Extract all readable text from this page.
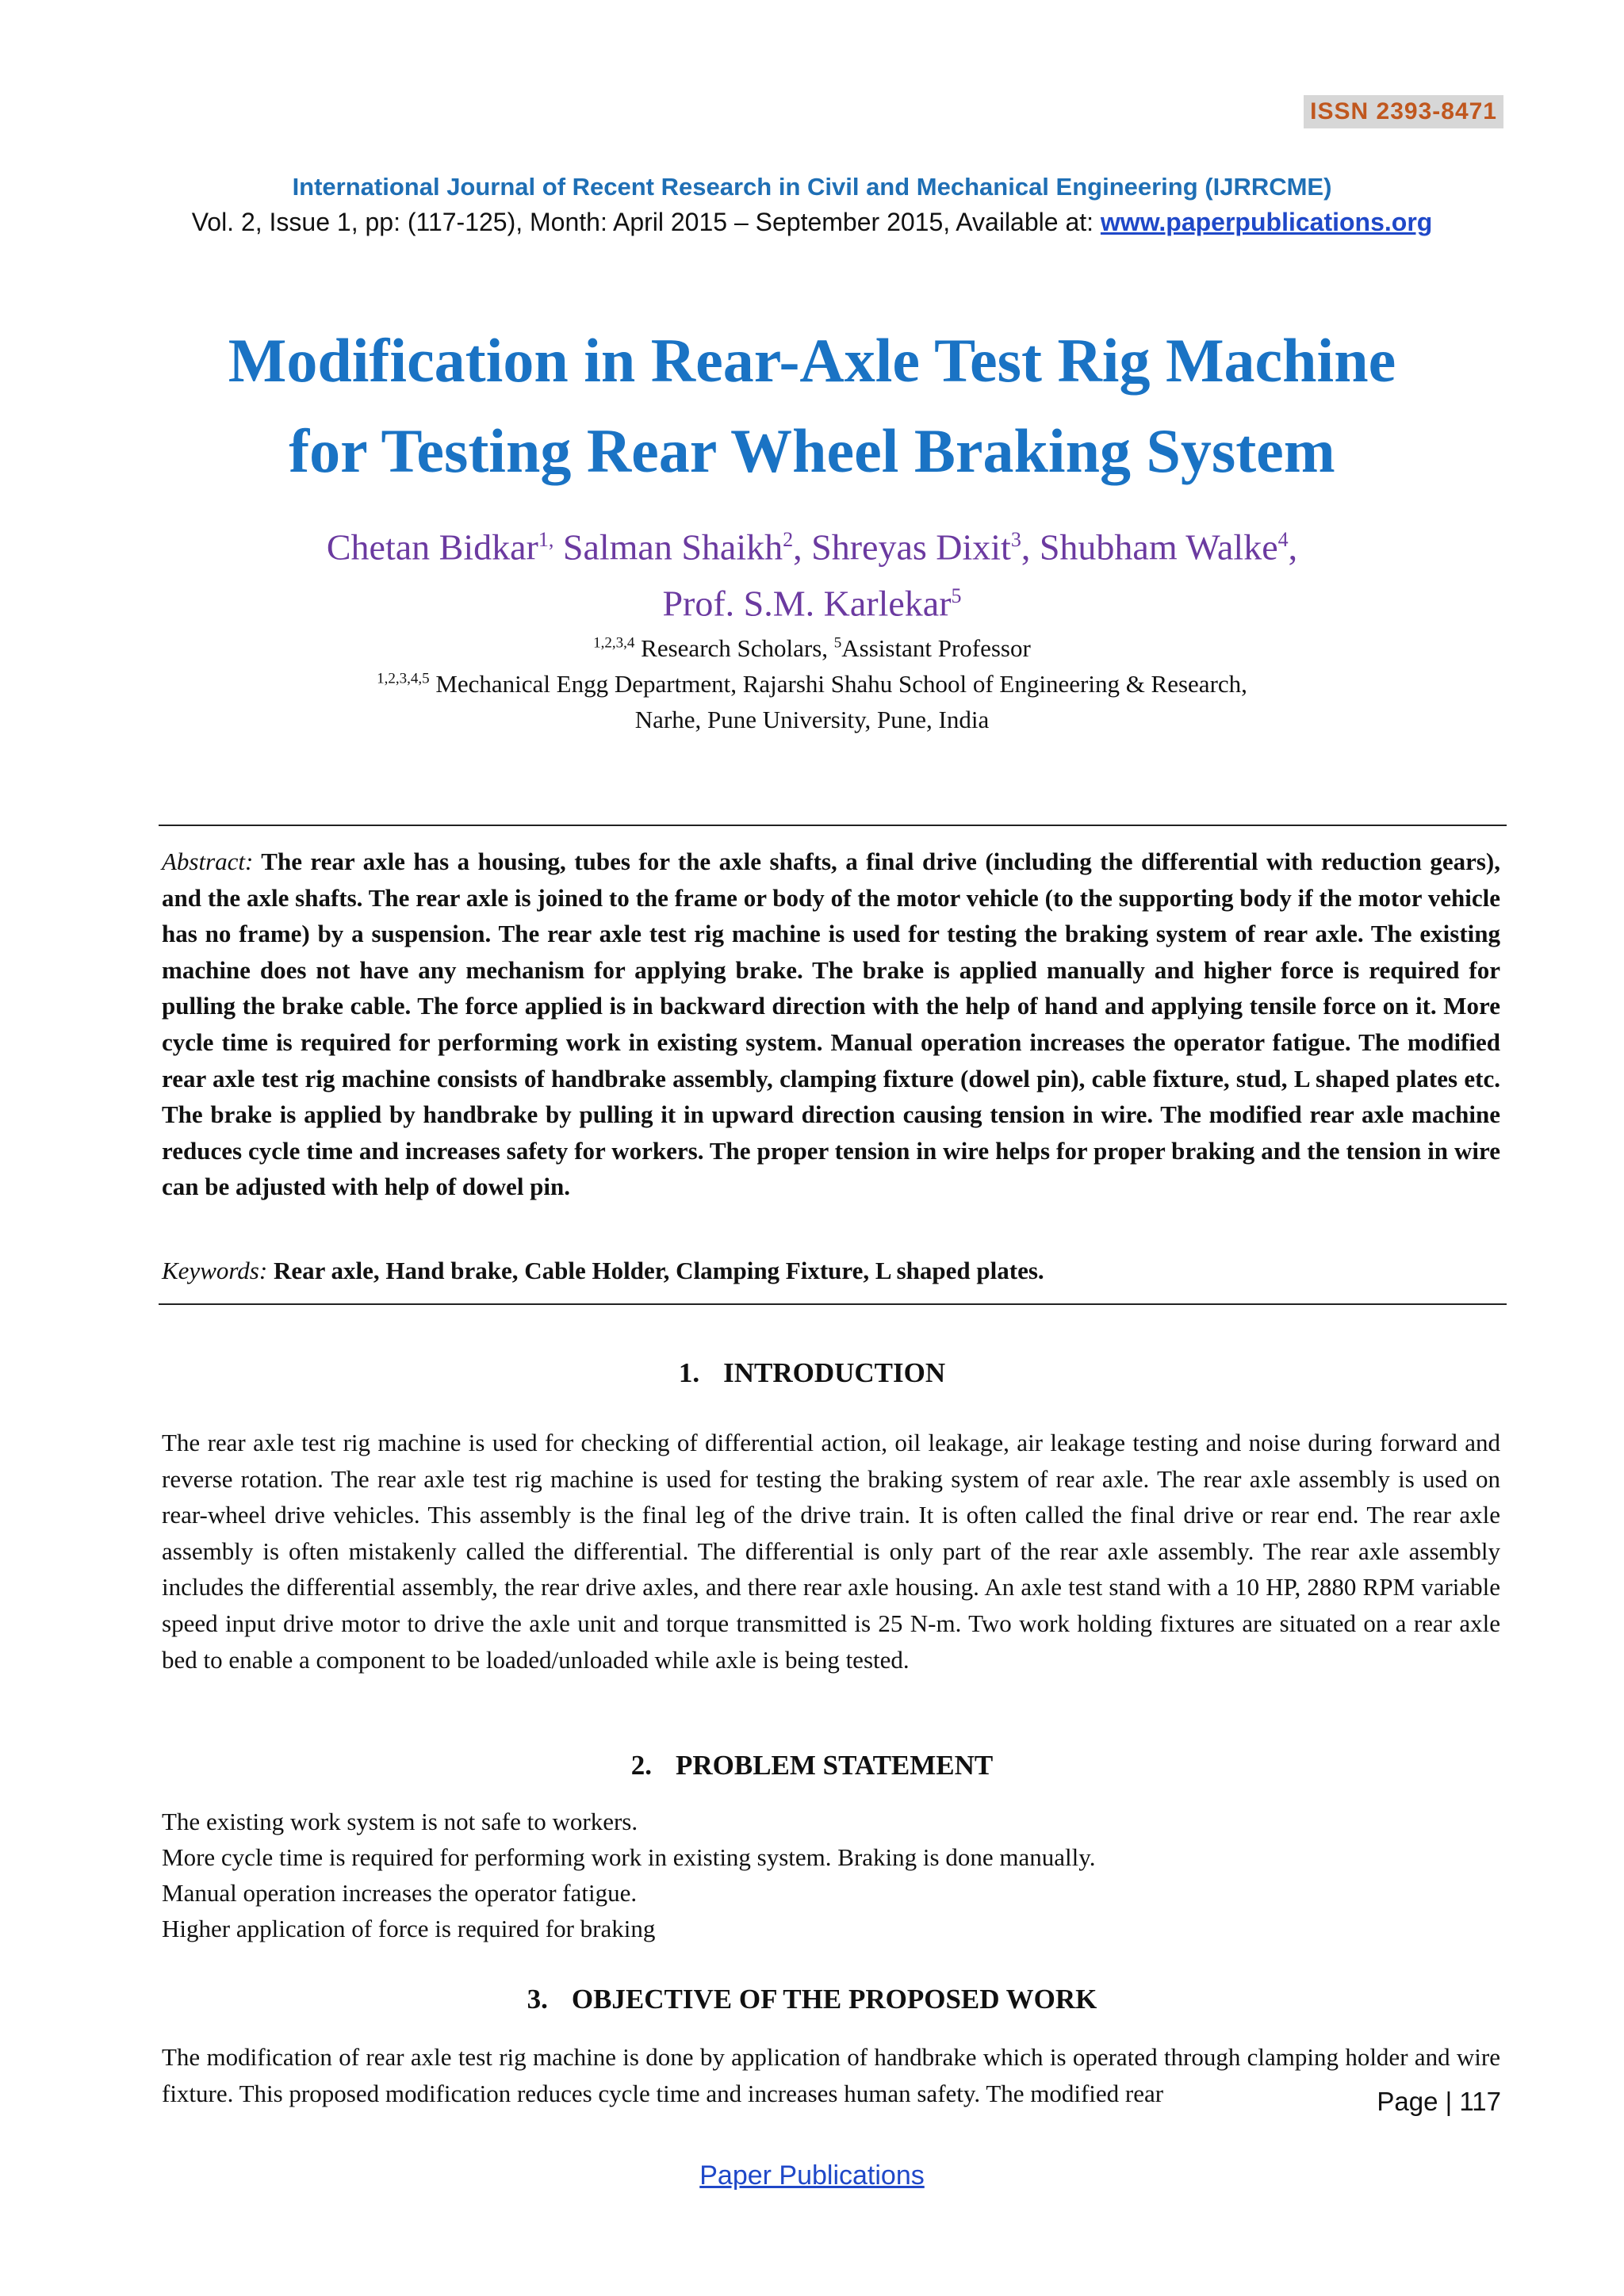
ISSN 2393-8471
International Journal of Recent Research in Civil and Mechanical Engineering (IJRRCME)
Vol. 2, Issue 1, pp: (117-125), Month: April 2015 – September 2015, Available at: www.paperpublications.org
Modification in Rear-Axle Test Rig Machine
for Testing Rear Wheel Braking System
Chetan Bidkar$^{1,}$ Salman Shaikh$^2$, Shreyas Dixit$^3$, Shubham Walke$^4$,
Prof. S.M. Karlekar$^5$
$^{1,2,3,4}$ Research Scholars, $^5$Assistant Professor
$^{1,2,3,4,5}$ Mechanical Engg Department, Rajarshi Shahu School of Engineering & Research,
Narhe, Pune University, Pune, India

Abstract: The rear axle has a housing, tubes for the axle shafts, a final drive (including the differential with reduction gears), and the axle shafts. The rear axle is joined to the frame or body of the motor vehicle (to the supporting body if the motor vehicle has no frame) by a suspension. The rear axle test rig machine is used for testing the braking system of rear axle. The existing machine does not have any mechanism for applying brake. The brake is applied manually and higher force is required for pulling the brake cable. The force applied is in backward direction with the help of hand and applying tensile force on it. More cycle time is required for performing work in existing system. Manual operation increases the operator fatigue. The modified rear axle test rig machine consists of handbrake assembly, clamping fixture (dowel pin), cable fixture, stud, L shaped plates etc. The brake is applied by handbrake by pulling it in upward direction causing tension in wire. The modified rear axle machine reduces cycle time and increases safety for workers. The proper tension in wire helps for proper braking and the tension in wire can be adjusted with help of dowel pin.

Keywords: Rear axle, Hand brake, Cable Holder, Clamping Fixture, L shaped plates.

1. INTRODUCTION

The rear axle test rig machine is used for checking of differential action, oil leakage, air leakage testing and noise during forward and reverse rotation. The rear axle test rig machine is used for testing the braking system of rear axle. The rear axle assembly is used on rear-wheel drive vehicles. This assembly is the final leg of the drive train. It is often called the final drive or rear end. The rear axle assembly is often mistakenly called the differential. The differential is only part of the rear axle assembly. The rear axle assembly includes the differential assembly, the rear drive axles, and there rear axle housing. An axle test stand with a 10 HP, 2880 RPM variable speed input drive motor to drive the axle unit and torque transmitted is 25 N-m. Two work holding fixtures are situated on a rear axle bed to enable a component to be loaded/unloaded while axle is being tested.

2. PROBLEM STATEMENT
The existing work system is not safe to workers.
More cycle time is required for performing work in existing system. Braking is done manually.
Manual operation increases the operator fatigue.
Higher application of force is required for braking
3. OBJECTIVE OF THE PROPOSED WORK

The modification of rear axle test rig machine is done by application of handbrake which is operated through clamping holder and wire fixture. This proposed modification reduces cycle time and increases human safety. The modified rear	Page | 117
Paper Publications
